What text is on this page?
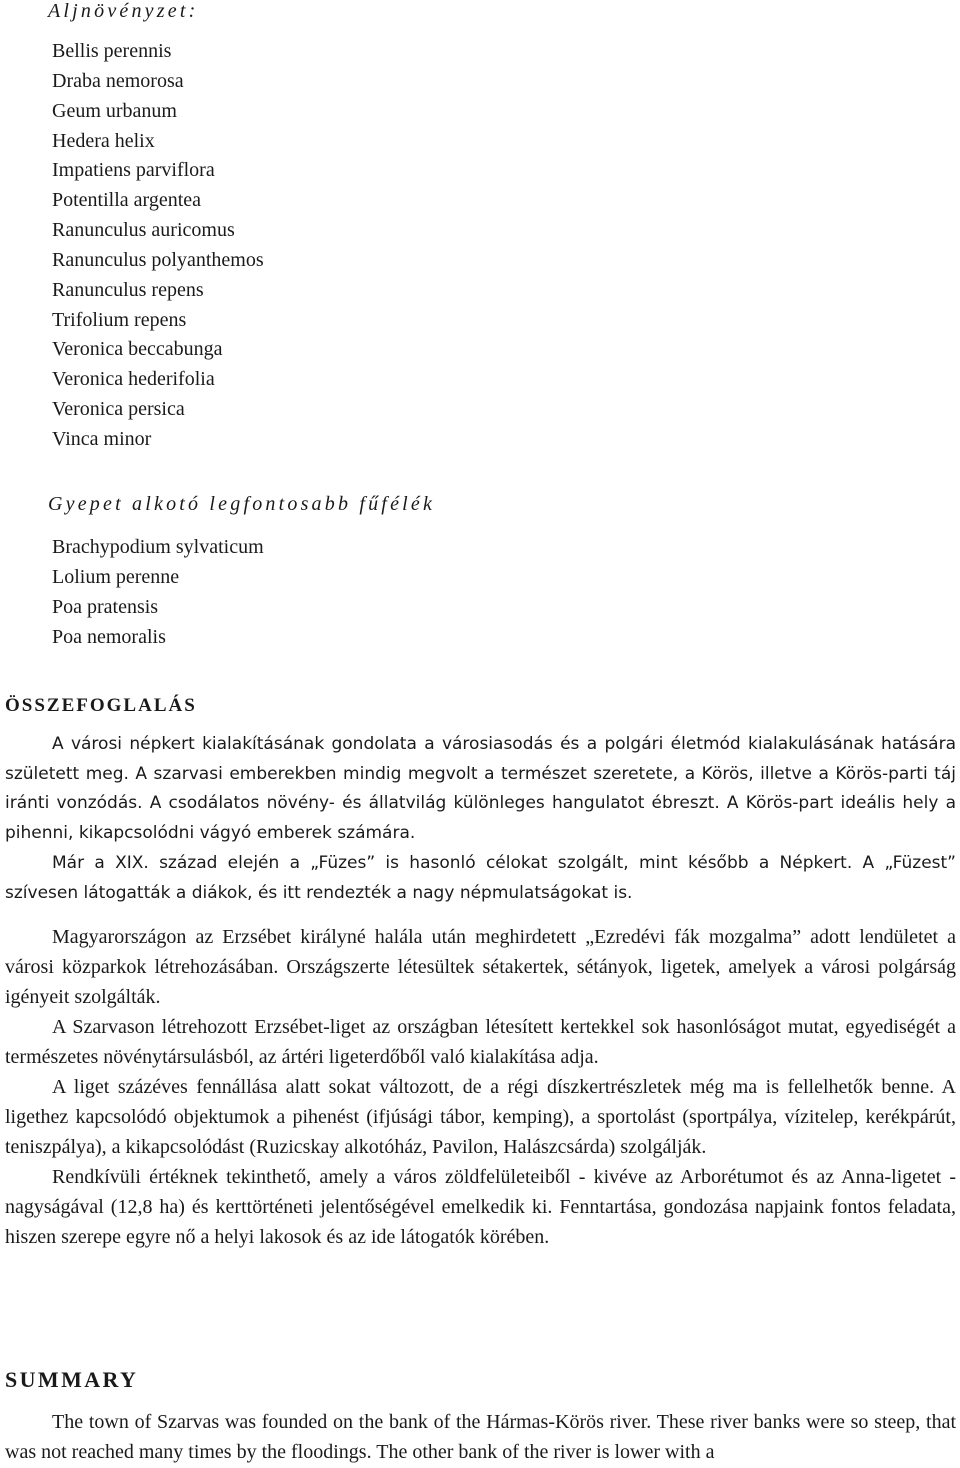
Aljnövényzet:
Bellis perennis
Draba nemorosa
Geum urbanum
Hedera helix
Impatiens parviflora
Potentilla argentea
Ranunculus auricomus
Ranunculus polyanthemos
Ranunculus repens
Trifolium repens
Veronica beccabunga
Veronica hederifolia
Veronica persica
Vinca minor
Gyepet alkotó legfontosabb fűfélék
Brachypodium sylvaticum
Lolium perenne
Poa pratensis
Poa nemoralis
ÖSSZEFOGLALÁS

A városi népkert kialakításának gondolata a városiasodás és a polgári életmód kialakulásának hatására született meg. A szarvasi emberekben mindig megvolt a természet szeretete, a Körös, illetve a Körös-parti táj iránti vonzódás. A csodálatos növény- és állatvilág különleges hangulatot ébreszt. A Körös-part ideális hely a pihenni, kikapcsolódni vágyó emberek számára.

Már a XIX. század elején a „Füzes” is hasonló célokat szolgált, mint később a Népkert. A „Füzest” szívesen látogatták a diákok, és itt rendezték a nagy népmulatságokat is.

Magyarországon az Erzsébet királyné halála után meghirdetett „Ezredévi fák mozgalma” adott lendületet a városi közparkok létrehozásában. Országszerte létesültek sétakertek, sétányok, ligetek, amelyek a városi polgárság igényeit szolgálták.

A Szarvason létrehozott Erzsébet-liget az országban létesített kertekkel sok hasonlóságot mutat, egyediségét a természetes növénytársulásból, az ártéri ligeterdőből való kialakítása adja.

A liget százéves fennállása alatt sokat változott, de a régi díszkertrészletek még ma is fellelhetők benne. A ligethez kapcsolódó objektumok a pihenést (ifjúsági tábor, kemping), a sportolást (sportpálya, vízitelep, kerékpárút, teniszpálya), a kikapcsolódást (Ruzicskay alkotóház, Pavilon, Halászcsárda) szolgálják.

Rendkívüli értéknek tekinthető, amely a város zöldfelületeiből - kivéve az Arborétumot és az Anna-ligetet - nagyságával (12,8 ha) és kerttörténeti jelentőségével emelkedik ki. Fenntartása, gondozása napjaink fontos feladata, hiszen szerepe egyre nő a helyi lakosok és az ide látogatók körében.

SUMMARY

The town of Szarvas was founded on the bank of the Hármas-Körös river. These river banks were so steep, that was not reached many times by the floodings. The other bank of the river is lower with a
